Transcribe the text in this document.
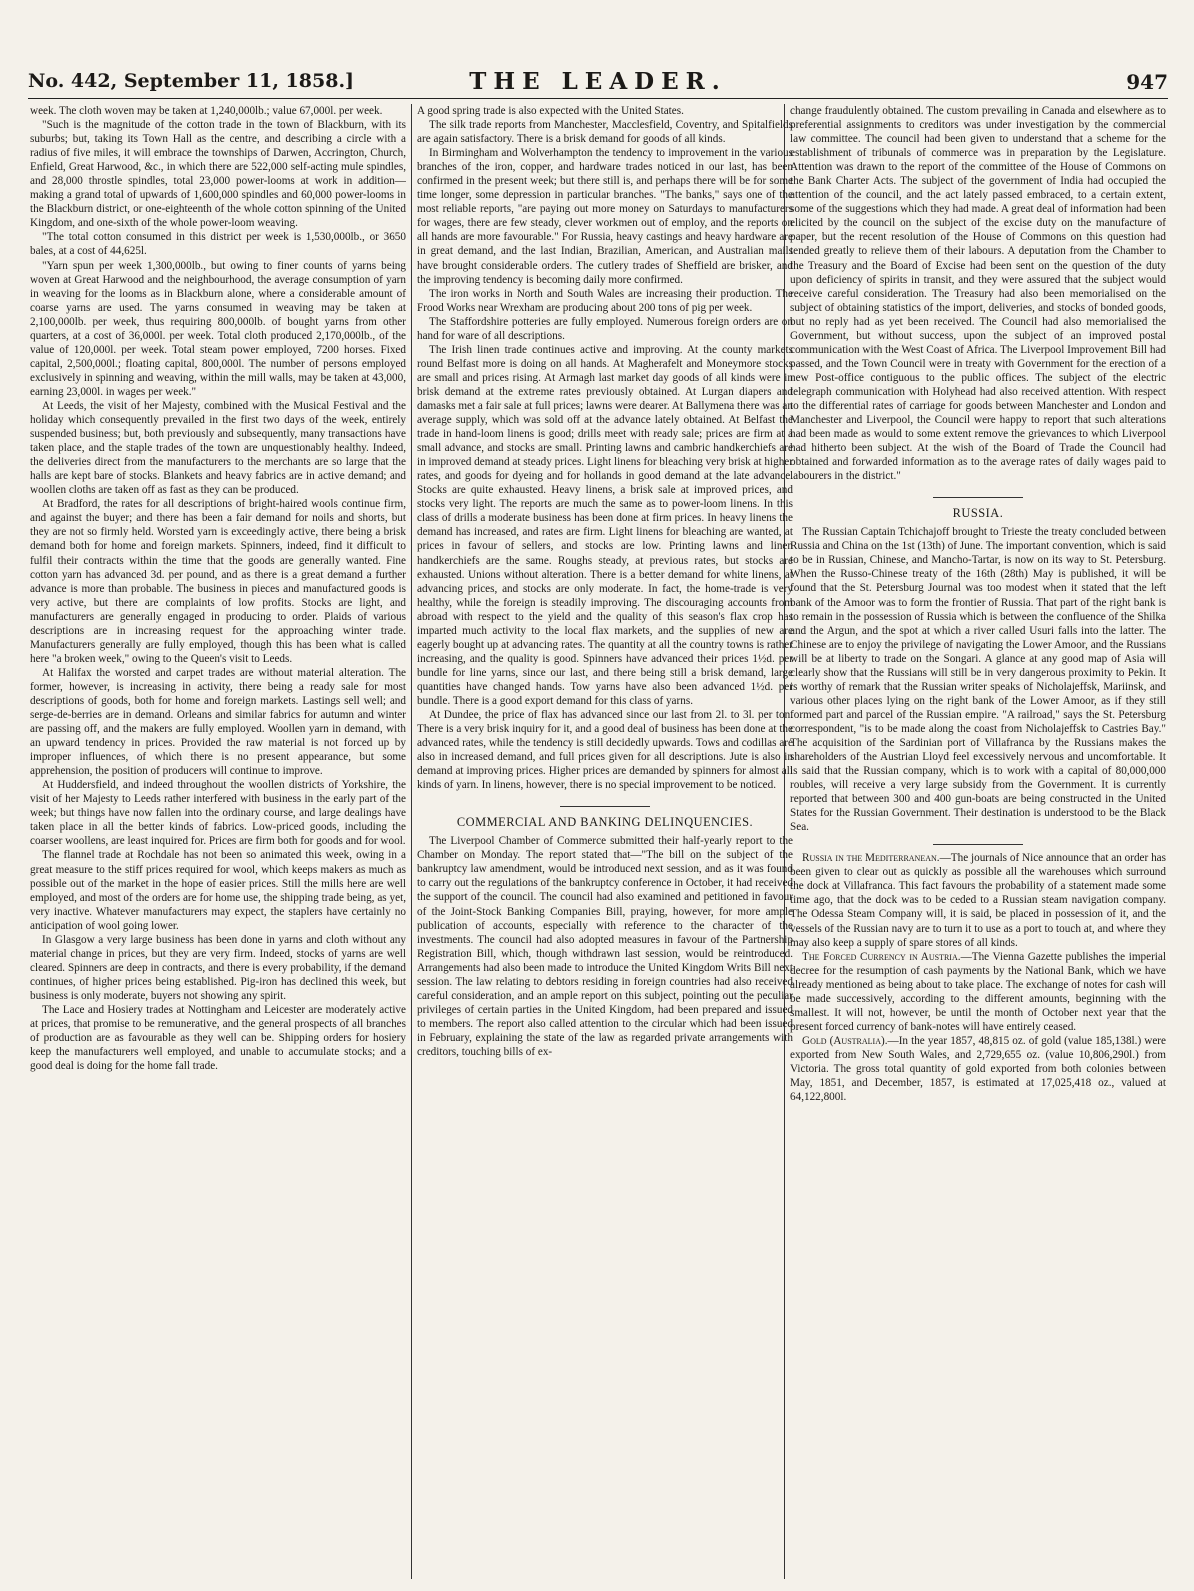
No. 442, September 11, 1858.]	THE LEADER.	947

week. The cloth woven may be taken at 1,240,000lb.; value 67,000l. per week.

"Such is the magnitude of the cotton trade in the town of Blackburn, with its suburbs; but, taking its Town Hall as the centre, and describing a circle with a radius of five miles, it will embrace the townships of Darwen, Accrington, Church, Enfield, Great Harwood, &c., in which there are 522,000 self-acting mule spindles, and 28,000 throstle spindles, total 23,000 power-looms at work in addition—making a grand total of upwards of 1,600,000 spindles and 60,000 power-looms in the Blackburn district, or one-eighteenth of the whole cotton spinning of the United Kingdom, and one-sixth of the whole power-loom weaving.

"The total cotton consumed in this district per week is 1,530,000lb., or 3650 bales, at a cost of 44,625l.

"Yarn spun per week 1,300,000lb., but owing to finer counts of yarns being woven at Great Harwood and the neighbourhood, the average consumption of yarn in weaving for the looms as in Blackburn alone, where a considerable amount of coarse yarns are used. The yarns consumed in weaving may be taken at 2,100,000lb. per week, thus requiring 800,000lb. of bought yarns from other quarters, at a cost of 36,000l. per week. Total cloth produced 2,170,000lb., of the value of 120,000l. per week. Total steam power employed, 7200 horses. Fixed capital, 2,500,000l.; floating capital, 800,000l. The number of persons employed exclusively in spinning and weaving, within the mill walls, may be taken at 43,000, earning 23,000l. in wages per week."

At Leeds, the visit of her Majesty, combined with the Musical Festival and the holiday which consequently prevailed in the first two days of the week, entirely suspended business; but, both previously and subsequently, many transactions have taken place, and the staple trades of the town are unquestionably healthy. Indeed, the deliveries direct from the manufacturers to the merchants are so large that the halls are kept bare of stocks. Blankets and heavy fabrics are in active demand; and woollen cloths are taken off as fast as they can be produced.

At Bradford, the rates for all descriptions of bright-haired wools continue firm, and against the buyer; and there has been a fair demand for noils and shorts, but they are not so firmly held. Worsted yarn is exceedingly active, there being a brisk demand both for home and foreign markets. Spinners, indeed, find it difficult to fulfil their contracts within the time that the goods are generally wanted. Fine cotton yarn has advanced 3d. per pound, and as there is a great demand a further advance is more than probable. The business in pieces and manufactured goods is very active, but there are complaints of low profits. Stocks are light, and manufacturers are generally engaged in producing to order. Plaids of various descriptions are in increasing request for the approaching winter trade. Manufacturers generally are fully employed, though this has been what is called here "a broken week," owing to the Queen's visit to Leeds.

At Halifax the worsted and carpet trades are without material alteration. The former, however, is increasing in activity, there being a ready sale for most descriptions of goods, both for home and foreign markets. Lastings sell well; and serge-de-berries are in demand. Orleans and similar fabrics for autumn and winter are passing off, and the makers are fully employed. Woollen yarn in demand, with an upward tendency in prices. Provided the raw material is not forced up by improper influences, of which there is no present appearance, but some apprehension, the position of producers will continue to improve.

At Huddersfield, and indeed throughout the woollen districts of Yorkshire, the visit of her Majesty to Leeds rather interfered with business in the early part of the week; but things have now fallen into the ordinary course, and large dealings have taken place in all the better kinds of fabrics. Low-priced goods, including the coarser woollens, are least inquired for. Prices are firm both for goods and for wool.

The flannel trade at Rochdale has not been so animated this week, owing in a great measure to the stiff prices required for wool, which keeps makers as much as possible out of the market in the hope of easier prices. Still the mills here are well employed, and most of the orders are for home use, the shipping trade being, as yet, very inactive. Whatever manufacturers may expect, the staplers have certainly no anticipation of wool going lower.

In Glasgow a very large business has been done in yarns and cloth without any material change in prices, but they are very firm. Indeed, stocks of yarns are well cleared. Spinners are deep in contracts, and there is every probability, if the demand continues, of higher prices being established. Pig-iron has declined this week, but business is only moderate, buyers not showing any spirit.

The Lace and Hosiery trades at Nottingham and Leicester are moderately active at prices, that promise to be remunerative, and the general prospects of all branches of production are as favourable as they well can be. Shipping orders for hosiery keep the manufacturers well employed, and unable to accumulate stocks; and a good deal is doing for the home fall trade.

A good spring trade is also expected with the United States.

The silk trade reports from Manchester, Macclesfield, Coventry, and Spitalfields are again satisfactory. There is a brisk demand for goods of all kinds.

In Birmingham and Wolverhampton the tendency to improvement in the various branches of the iron, copper, and hardware trades noticed in our last, has been confirmed in the present week; but there still is, and perhaps there will be for some time longer, some depression in particular branches. "The banks," says one of the most reliable reports, "are paying out more money on Saturdays to manufacturers for wages, there are few steady, clever workmen out of employ, and the reports on all hands are more favourable." For Russia, heavy castings and heavy hardware are in great demand, and the last Indian, Brazilian, American, and Australian mails have brought considerable orders. The cutlery trades of Sheffield are brisker, and the improving tendency is becoming daily more confirmed.

The iron works in North and South Wales are increasing their production. The Frood Works near Wrexham are producing about 200 tons of pig per week.

The Staffordshire potteries are fully employed. Numerous foreign orders are on hand for ware of all descriptions.

The Irish linen trade continues active and improving. At the county markets round Belfast more is doing on all hands. At Magherafelt and Moneymore stocks are small and prices rising. At Armagh last market day goods of all kinds were in brisk demand at the extreme rates previously obtained. At Lurgan diapers and damasks met a fair sale at full prices; lawns were dearer. At Ballymena there was an average supply, which was sold off at the advance lately obtained. At Belfast the trade in hand-loom linens is good; drills meet with ready sale; prices are firm at a small advance, and stocks are small. Printing lawns and cambric handkerchiefs are in improved demand at steady prices. Light linens for bleaching very brisk at higher rates, and goods for dyeing and for hollands in good demand at the late advance. Stocks are quite exhausted. Heavy linens, a brisk sale at improved prices, and stocks very light. The reports are much the same as to power-loom linens. In this class of drills a moderate business has been done at firm prices. In heavy linens the demand has increased, and rates are firm. Light linens for bleaching are wanted, at prices in favour of sellers, and stocks are low. Printing lawns and linen handkerchiefs are the same. Roughs steady, at previous rates, but stocks are exhausted. Unions without alteration. There is a better demand for white linens, at advancing prices, and stocks are only moderate. In fact, the home-trade is very healthy, while the foreign is steadily improving. The discouraging accounts from abroad with respect to the yield and the quality of this season's flax crop has imparted much activity to the local flax markets, and the supplies of new are eagerly bought up at advancing rates. The quantity at all the country towns is rather increasing, and the quality is good. Spinners have advanced their prices 1½d. per bundle for line yarns, since our last, and there being still a brisk demand, large quantities have changed hands. Tow yarns have also been advanced 1½d. per bundle. There is a good export demand for this class of yarns.

At Dundee, the price of flax has advanced since our last from 2l. to 3l. per ton. There is a very brisk inquiry for it, and a good deal of business has been done at the advanced rates, while the tendency is still decidedly upwards. Tows and codillas are also in increased demand, and full prices given for all descriptions. Jute is also in demand at improving prices. Higher prices are demanded by spinners for almost all kinds of yarn. In linens, however, there is no special improvement to be noticed.

COMMERCIAL AND BANKING DELINQUENCIES.

The Liverpool Chamber of Commerce submitted their half-yearly report to the Chamber on Monday. The report stated that—"The bill on the subject of the bankruptcy law amendment, would be introduced next session, and as it was found to carry out the regulations of the bankruptcy conference in October, it had received the support of the council. The council had also examined and petitioned in favour of the Joint-Stock Banking Companies Bill, praying, however, for more ample publication of accounts, especially with reference to the character of the investments. The council had also adopted measures in favour of the Partnership Registration Bill, which, though withdrawn last session, would be reintroduced. Arrangements had also been made to introduce the United Kingdom Writs Bill next session. The law relating to debtors residing in foreign countries had also received careful consideration, and an ample report on this subject, pointing out the peculiar privileges of certain parties in the United Kingdom, had been prepared and issued to members. The report also called attention to the circular which had been issued in February, explaining the state of the law as regarded private arrangements with creditors, touching bills of ex-

change fraudulently obtained. The custom prevailing in Canada and elsewhere as to preferential assignments to creditors was under investigation by the commercial law committee. The council had been given to understand that a scheme for the establishment of tribunals of commerce was in preparation by the Legislature. Attention was drawn to the report of the committee of the House of Commons on the Bank Charter Acts. The subject of the government of India had occupied the attention of the council, and the act lately passed embraced, to a certain extent, some of the suggestions which they had made. A great deal of information had been elicited by the council on the subject of the excise duty on the manufacture of paper, but the recent resolution of the House of Commons on this question had tended greatly to relieve them of their labours. A deputation from the Chamber to the Treasury and the Board of Excise had been sent on the question of the duty upon deficiency of spirits in transit, and they were assured that the subject would receive careful consideration. The Treasury had also been memorialised on the subject of obtaining statistics of the import, deliveries, and stocks of bonded goods, but no reply had as yet been received. The Council had also memorialised the Government, but without success, upon the subject of an improved postal communication with the West Coast of Africa. The Liverpool Improvement Bill had passed, and the Town Council were in treaty with Government for the erection of a new Post-office contiguous to the public offices. The subject of the electric telegraph communication with Holyhead had also received attention. With respect to the differential rates of carriage for goods between Manchester and London and Manchester and Liverpool, the Council were happy to report that such alterations had been made as would to some extent remove the grievances to which Liverpool had hitherto been subject. At the wish of the Board of Trade the Council had obtained and forwarded information as to the average rates of daily wages paid to labourers in the district."

RUSSIA.

The Russian Captain Tchichajoff brought to Trieste the treaty concluded between Russia and China on the 1st (13th) of June. The important convention, which is said to be in Russian, Chinese, and Mancho-Tartar, is now on its way to St. Petersburg. When the Russo-Chinese treaty of the 16th (28th) May is published, it will be found that the St. Petersburg Journal was too modest when it stated that the left bank of the Amoor was to form the frontier of Russia. That part of the right bank is to remain in the possession of Russia which is between the confluence of the Shilka and the Argun, and the spot at which a river called Usuri falls into the latter. The Chinese are to enjoy the privilege of navigating the Lower Amoor, and the Russians will be at liberty to trade on the Songari. A glance at any good map of Asia will clearly show that the Russians will still be in very dangerous proximity to Pekin. It is worthy of remark that the Russian writer speaks of Nicholajeffsk, Mariinsk, and various other places lying on the right bank of the Lower Amoor, as if they still formed part and parcel of the Russian empire. "A railroad," says the St. Petersburg correspondent, "is to be made along the coast from Nicholajeffsk to Castries Bay." The acquisition of the Sardinian port of Villafranca by the Russians makes the shareholders of the Austrian Lloyd feel excessively nervous and uncomfortable. It is said that the Russian company, which is to work with a capital of 80,000,000 roubles, will receive a very large subsidy from the Government. It is currently reported that between 300 and 400 gun-boats are being constructed in the United States for the Russian Government. Their destination is understood to be the Black Sea.

Russia in the Mediterranean.—The journals of Nice announce that an order has been given to clear out as quickly as possible all the warehouses which surround the dock at Villafranca. This fact favours the probability of a statement made some time ago, that the dock was to be ceded to a Russian steam navigation company. The Odessa Steam Company will, it is said, be placed in possession of it, and the vessels of the Russian navy are to turn it to use as a port to touch at, and where they may also keep a supply of spare stores of all kinds.

The Forced Currency in Austria.—The Vienna Gazette publishes the imperial decree for the resumption of cash payments by the National Bank, which we have already mentioned as being about to take place. The exchange of notes for cash will be made successively, according to the different amounts, beginning with the smallest. It will not, however, be until the month of October next year that the present forced currency of bank-notes will have entirely ceased.

Gold (Australia).—In the year 1857, 48,815 oz. of gold (value 185,138l.) were exported from New South Wales, and 2,729,655 oz. (value 10,806,290l.) from Victoria. The gross total quantity of gold exported from both colonies between May, 1851, and December, 1857, is estimated at 17,025,418 oz., valued at 64,122,800l.
